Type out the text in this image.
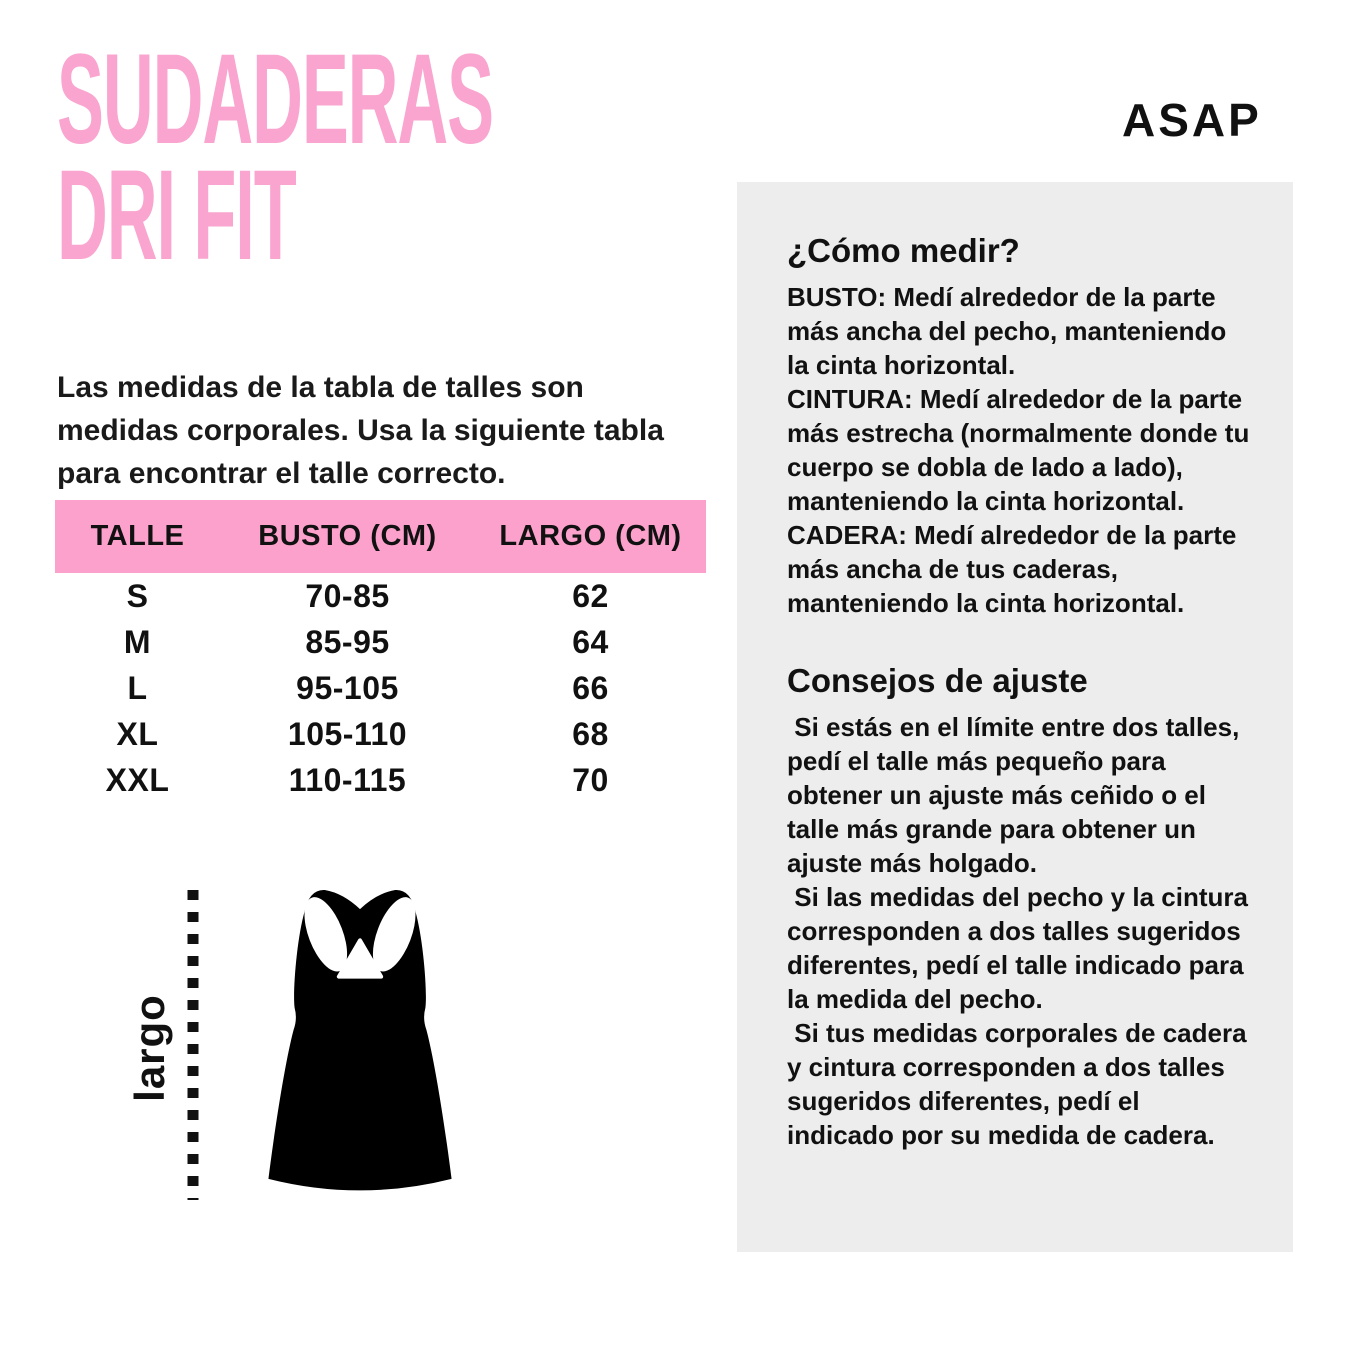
SUDADERAS
DRI FIT
ASAP

Las medidas de la tabla de talles son medidas corporales. Usa la siguiente tabla para encontrar el talle correcto.

TALLE	BUSTO (CM)	LARGO (CM)
S	70-85	62
M	85-95	64
L	95-105	66
XL	105-110	68
XXL	110-115	70
largo
¿Cómo medir?

BUSTO: Medí alrededor de la parte más ancha del pecho, manteniendo la cinta horizontal.

CINTURA: Medí alrededor de la parte más estrecha (normalmente donde tu cuerpo se dobla de lado a lado), manteniendo la cinta horizontal.

CADERA: Medí alrededor de la parte más ancha de tus caderas, manteniendo la cinta horizontal.

Consejos de ajuste

Si estás en el límite entre dos talles, pedí el talle más pequeño para obtener un ajuste más ceñido o el talle más grande para obtener un ajuste más holgado.

Si las medidas del pecho y la cintura corresponden a dos talles sugeridos diferentes, pedí el talle indicado para la medida del pecho.

Si tus medidas corporales de cadera y cintura corresponden a dos talles sugeridos diferentes, pedí el indicado por su medida de cadera.
